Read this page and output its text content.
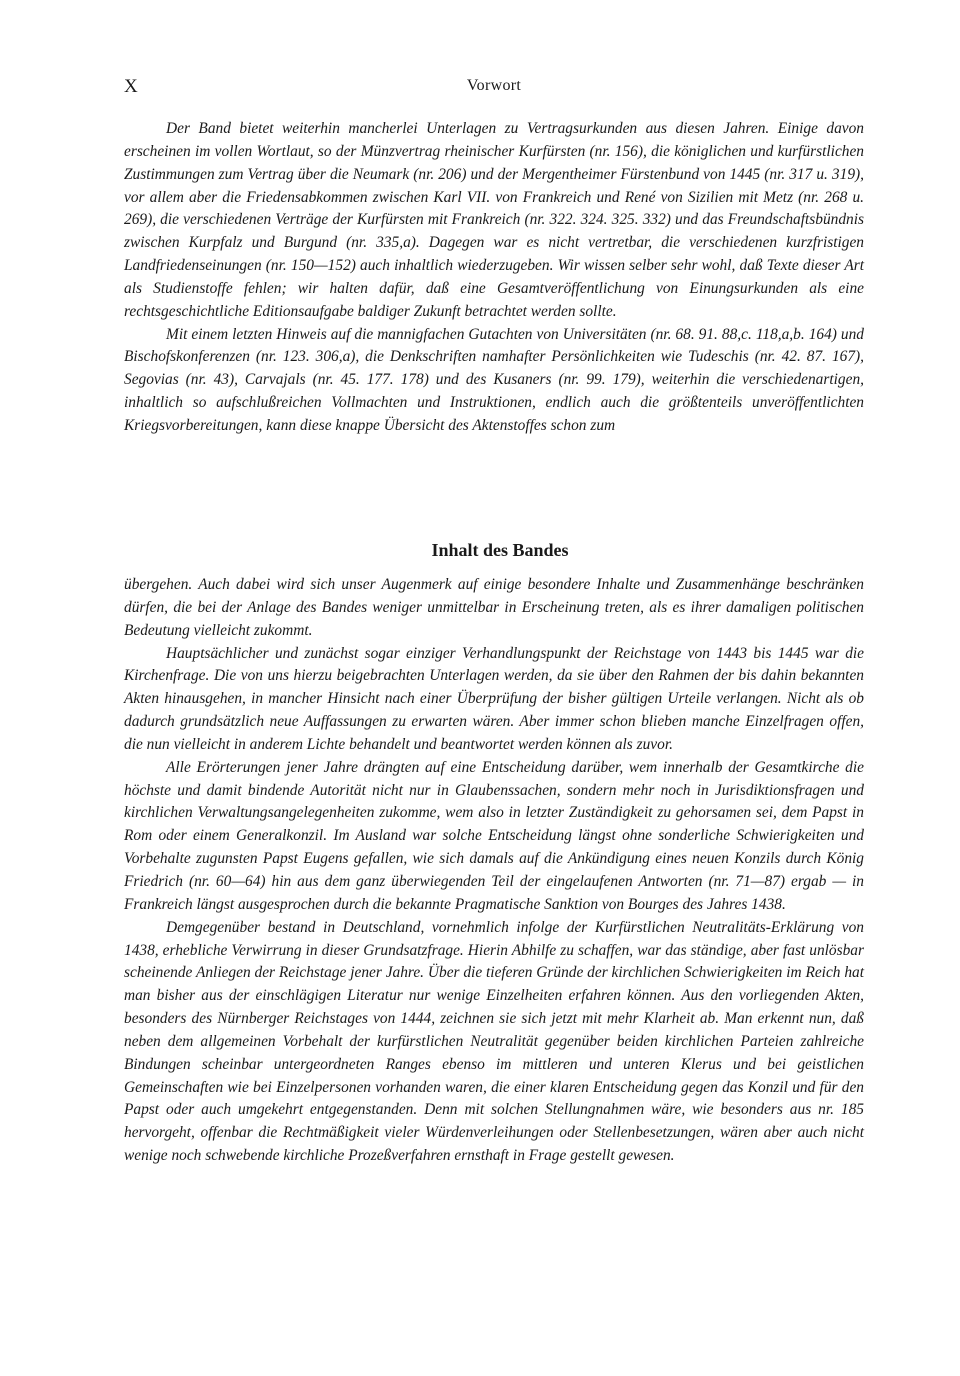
X	Vorwort

Der Band bietet weiterhin mancherlei Unterlagen zu Vertragsurkunden aus diesen Jahren. Einige davon erscheinen im vollen Wortlaut, so der Münzvertrag rheinischer Kurfürsten (nr. 156), die königlichen und kurfürstlichen Zustimmungen zum Vertrag über die Neumark (nr. 206) und der Mergentheimer Fürstenbund von 1445 (nr. 317 u. 319), vor allem aber die Friedensabkommen zwischen Karl VII. von Frankreich und René von Sizilien mit Metz (nr. 268 u. 269), die verschiedenen Verträge der Kurfürsten mit Frankreich (nr. 322. 324. 325. 332) und das Freundschaftsbündnis zwischen Kurpfalz und Burgund (nr. 335,a). Dagegen war es nicht vertretbar, die verschiedenen kurzfristigen Landfriedenseinungen (nr. 150—152) auch inhaltlich wiederzugeben. Wir wissen selber sehr wohl, daß Texte dieser Art als Studienstoffe fehlen; wir halten dafür, daß eine Gesamtveröffentlichung von Einungsurkunden als eine rechtsgeschichtliche Editionsaufgabe baldiger Zukunft betrachtet werden sollte.

Mit einem letzten Hinweis auf die mannigfachen Gutachten von Universitäten (nr. 68. 91. 88,c. 118,a,b. 164) und Bischofskonferenzen (nr. 123. 306,a), die Denkschriften namhafter Persönlichkeiten wie Tudeschis (nr. 42. 87. 167), Segovias (nr. 43), Carvajals (nr. 45. 177. 178) und des Kusaners (nr. 99. 179), weiterhin die verschiedenartigen, inhaltlich so aufschlußreichen Vollmachten und Instruktionen, endlich auch die größtenteils unveröffentlichten Kriegsvorbereitungen, kann diese knappe Übersicht des Aktenstoffes schon zum

Inhalt des Bandes

übergehen. Auch dabei wird sich unser Augenmerk auf einige besondere Inhalte und Zusammenhänge beschränken dürfen, die bei der Anlage des Bandes weniger unmittelbar in Erscheinung treten, als es ihrer damaligen politischen Bedeutung vielleicht zukommt.

Hauptsächlicher und zunächst sogar einziger Verhandlungspunkt der Reichstage von 1443 bis 1445 war die Kirchenfrage. Die von uns hierzu beigebrachten Unterlagen werden, da sie über den Rahmen der bis dahin bekannten Akten hinausgehen, in mancher Hinsicht nach einer Überprüfung der bisher gültigen Urteile verlangen. Nicht als ob dadurch grundsätzlich neue Auffassungen zu erwarten wären. Aber immer schon blieben manche Einzelfragen offen, die nun vielleicht in anderem Lichte behandelt und beantwortet werden können als zuvor.

Alle Erörterungen jener Jahre drängten auf eine Entscheidung darüber, wem innerhalb der Gesamtkirche die höchste und damit bindende Autorität nicht nur in Glaubenssachen, sondern mehr noch in Jurisdiktionsfragen und kirchlichen Verwaltungsangelegenheiten zukomme, wem also in letzter Zuständigkeit zu gehorsamen sei, dem Papst in Rom oder einem Generalkonzil. Im Ausland war solche Entscheidung längst ohne sonderliche Schwierigkeiten und Vorbehalte zugunsten Papst Eugens gefallen, wie sich damals auf die Ankündigung eines neuen Konzils durch König Friedrich (nr. 60—64) hin aus dem ganz überwiegenden Teil der eingelaufenen Antworten (nr. 71—87) ergab — in Frankreich längst ausgesprochen durch die bekannte Pragmatische Sanktion von Bourges des Jahres 1438.

Demgegenüber bestand in Deutschland, vornehmlich infolge der Kurfürstlichen Neutralitäts-Erklärung von 1438, erhebliche Verwirrung in dieser Grundsatzfrage. Hierin Abhilfe zu schaffen, war das ständige, aber fast unlösbar scheinende Anliegen der Reichstage jener Jahre. Über die tieferen Gründe der kirchlichen Schwierigkeiten im Reich hat man bisher aus der einschlägigen Literatur nur wenige Einzelheiten erfahren können. Aus den vorliegenden Akten, besonders des Nürnberger Reichstages von 1444, zeichnen sie sich jetzt mit mehr Klarheit ab. Man erkennt nun, daß neben dem allgemeinen Vorbehalt der kurfürstlichen Neutralität gegenüber beiden kirchlichen Parteien zahlreiche Bindungen scheinbar untergeordneten Ranges ebenso im mittleren und unteren Klerus und bei geistlichen Gemeinschaften wie bei Einzelpersonen vorhanden waren, die einer klaren Entscheidung gegen das Konzil und für den Papst oder auch umgekehrt entgegenstanden. Denn mit solchen Stellungnahmen wäre, wie besonders aus nr. 185 hervorgeht, offenbar die Rechtmäßigkeit vieler Würdenverleihungen oder Stellenbesetzungen, wären aber auch nicht wenige noch schwebende kirchliche Prozeßverfahren ernsthaft in Frage gestellt gewesen.
